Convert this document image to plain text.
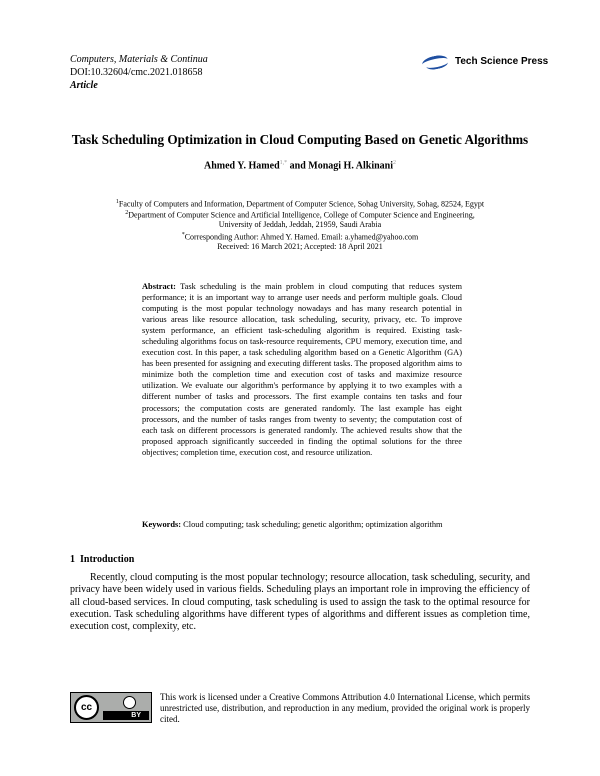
Computers, Materials & Continua
DOI:10.32604/cmc.2021.018658
Article
Tech Science Press
Task Scheduling Optimization in Cloud Computing Based on Genetic Algorithms
Ahmed Y. Hamed$^{1,*}$ and Monagi H. Alkinani$^2$
$^1$Faculty of Computers and Information, Department of Computer Science, Sohag University, Sohag, 82524, Egypt
$^2$Department of Computer Science and Artificial Intelligence, College of Computer Science and Engineering,
University of Jeddah, Jeddah, 21959, Saudi Arabia
*Corresponding Author: Ahmed Y. Hamed. Email: a.yhamed@yahoo.com
Received: 16 March 2021; Accepted: 18 April 2021
Abstract: Task scheduling is the main problem in cloud computing that reduces system performance; it is an important way to arrange user needs and perform multiple goals. Cloud computing is the most popular technology nowadays and has many research potential in various areas like resource allocation, task scheduling, security, privacy, etc. To improve system performance, an efficient task-scheduling algorithm is required. Existing task-scheduling algorithms focus on task-resource requirements, CPU memory, execution time, and execution cost. In this paper, a task scheduling algorithm based on a Genetic Algorithm (GA) has been presented for assigning and executing different tasks. The proposed algorithm aims to minimize both the completion time and execution cost of tasks and maximize resource utilization. We evaluate our algorithm's performance by applying it to two examples with a different number of tasks and processors. The first example contains ten tasks and four processors; the computation costs are generated randomly. The last example has eight processors, and the number of tasks ranges from twenty to seventy; the computation cost of each task on different processors is generated randomly. The achieved results show that the proposed approach significantly succeeded in finding the optimal solutions for the three objectives; completion time, execution cost, and resource utilization.
Keywords: Cloud computing; task scheduling; genetic algorithm; optimization algorithm
1 Introduction
Recently, cloud computing is the most popular technology; resource allocation, task scheduling, security, and privacy have been widely used in various fields. Scheduling plays an important role in improving the efficiency of all cloud-based services. In cloud computing, task scheduling is used to assign the task to the optimal resource for execution. Task scheduling algorithms have different types of algorithms and different issues as completion time, execution cost, complexity, etc.
cc
BY
This work is licensed under a Creative Commons Attribution 4.0 International License, which permits unrestricted use, distribution, and reproduction in any medium, provided the original work is properly cited.
